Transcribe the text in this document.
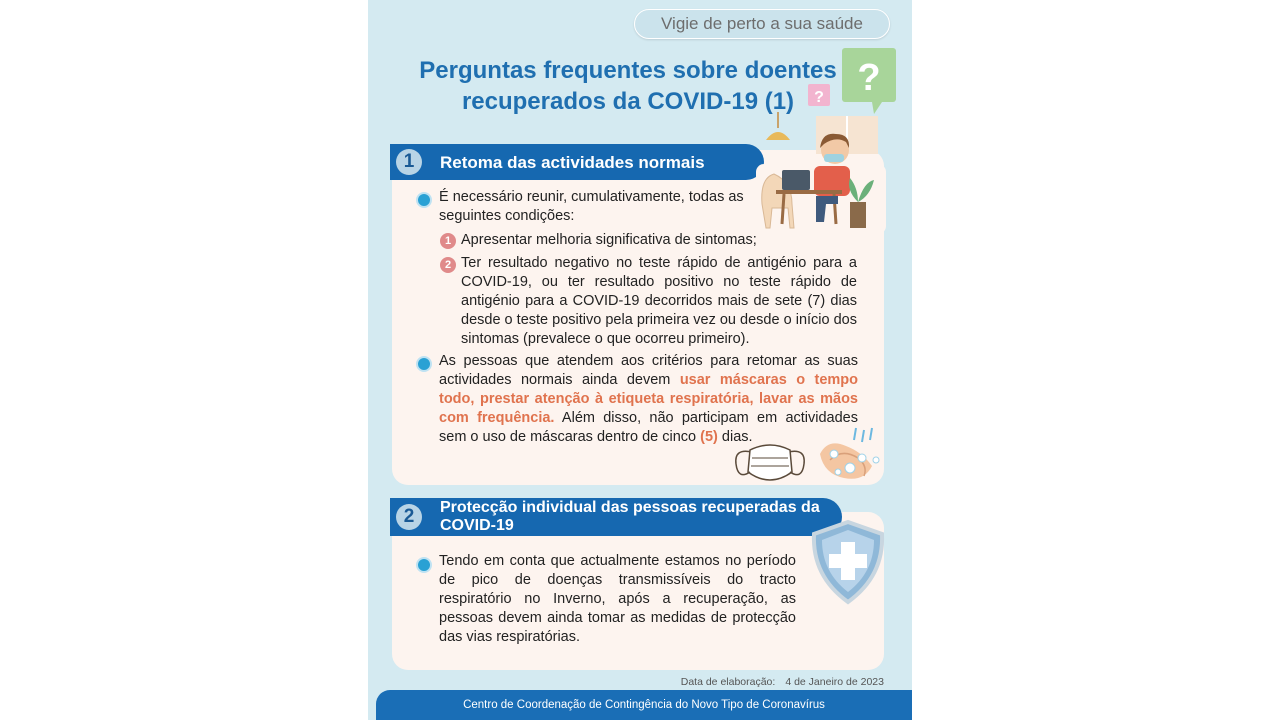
Vigie de perto a sua saúde
?
?
Perguntas frequentes sobre doentes
recuperados da COVID-19 (1)
1	Retoma das actividades normais
É necessário reunir, cumulativamente, todas as seguintes condições:
1 Apresentar melhoria significativa de sintomas;
2 Ter resultado negativo no teste rápido de antigénio para a COVID-19, ou ter resultado positivo no teste rápido de antigénio para a COVID-19 decorridos mais de sete (7) dias desde o teste positivo pela primeira vez ou desde o início dos sintomas (prevalece o que ocorreu primeiro).
As pessoas que atendem aos critérios para retomar as suas actividades normais ainda devem usar máscaras o tempo todo, prestar atenção à etiqueta respiratória, lavar as mãos com frequência. Além disso, não participam em actividades sem o uso de máscaras dentro de cinco (5) dias.
2	Protecção individual das pessoas recuperadas da COVID-19
Tendo em conta que actualmente estamos no período de pico de doenças transmissíveis do tracto respiratório no Inverno, após a recuperação, as pessoas devem ainda tomar as medidas de protecção das vias respiratórias.
Data de elaboração: 4 de Janeiro de 2023
Centro de Coordenação de Contingência do Novo Tipo de Coronavírus
